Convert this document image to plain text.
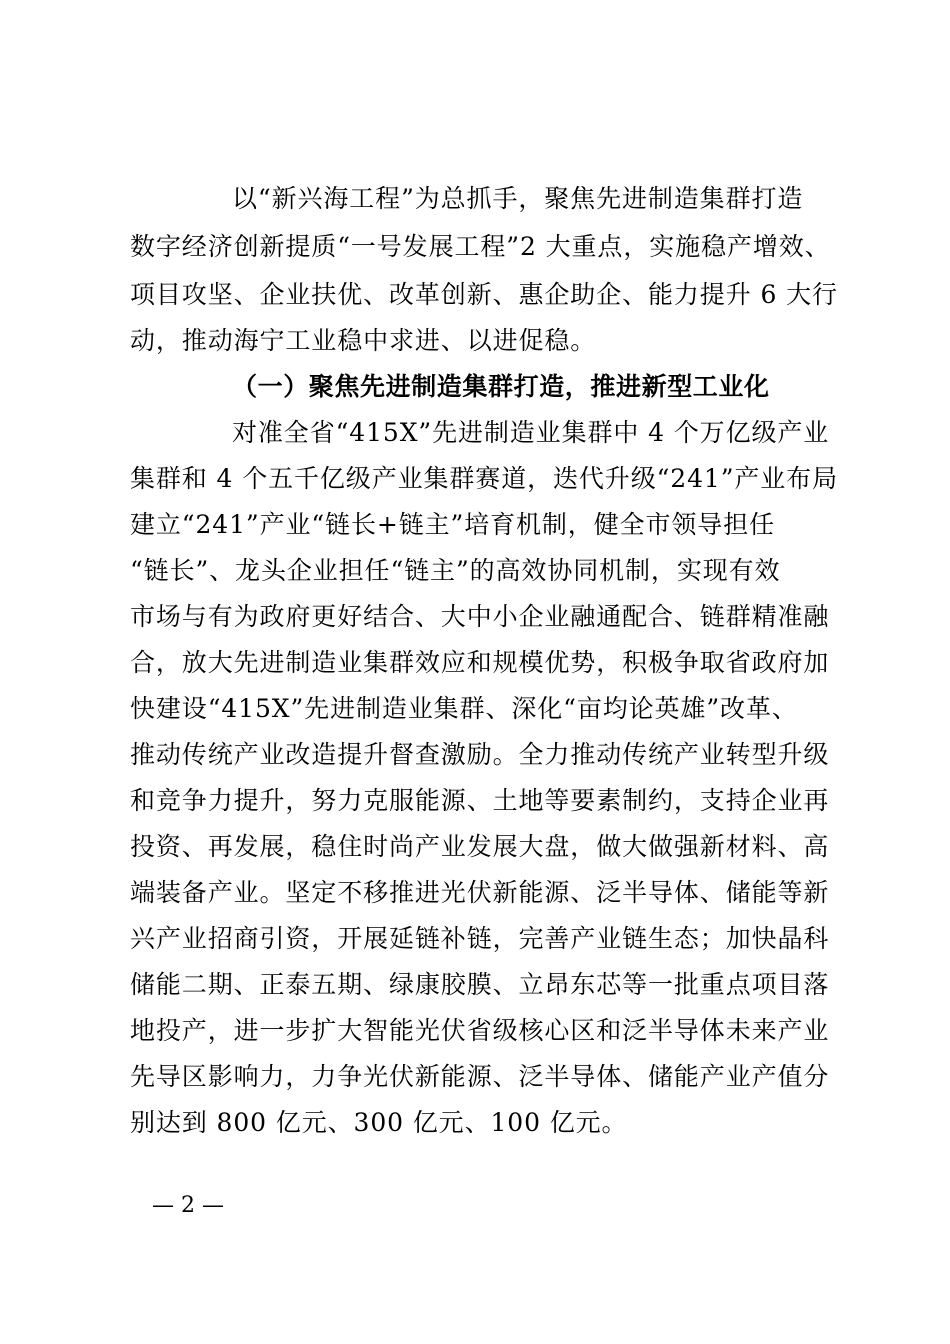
以“新兴海工程”为总抓手，聚焦先进制造集群打造
数字经济创新提质“一号发展工程”2 大重点，实施稳产增效、
项目攻坚、企业扶优、改革创新、惠企助企、能力提升 6 大行
动，推动海宁工业稳中求进、以进促稳。
（一）聚焦先进制造集群打造，推进新型工业化
对准全省“415X”先进制造业集群中 4 个万亿级产业
集群和 4 个五千亿级产业集群赛道，迭代升级“241”产业布局
建立“241”产业“链长+链主”培育机制，健全市领导担任
“链长”、龙头企业担任“链主”的高效协同机制，实现有效
市场与有为政府更好结合、大中小企业融通配合、链群精准融
合，放大先进制造业集群效应和规模优势，积极争取省政府加
快建设“415X”先进制造业集群、深化“亩均论英雄”改革、
推动传统产业改造提升督查激励。全力推动传统产业转型升级
和竞争力提升，努力克服能源、土地等要素制约，支持企业再
投资、再发展，稳住时尚产业发展大盘，做大做强新材料、高
端装备产业。坚定不移推进光伏新能源、泛半导体、储能等新
兴产业招商引资，开展延链补链，完善产业链生态；加快晶科
储能二期、正泰五期、绿康胶膜、立昂东芯等一批重点项目落
地投产，进一步扩大智能光伏省级核心区和泛半导体未来产业
先导区影响力，力争光伏新能源、泛半导体、储能产业产值分
别达到 800 亿元、300 亿元、100 亿元。
— 2 —
